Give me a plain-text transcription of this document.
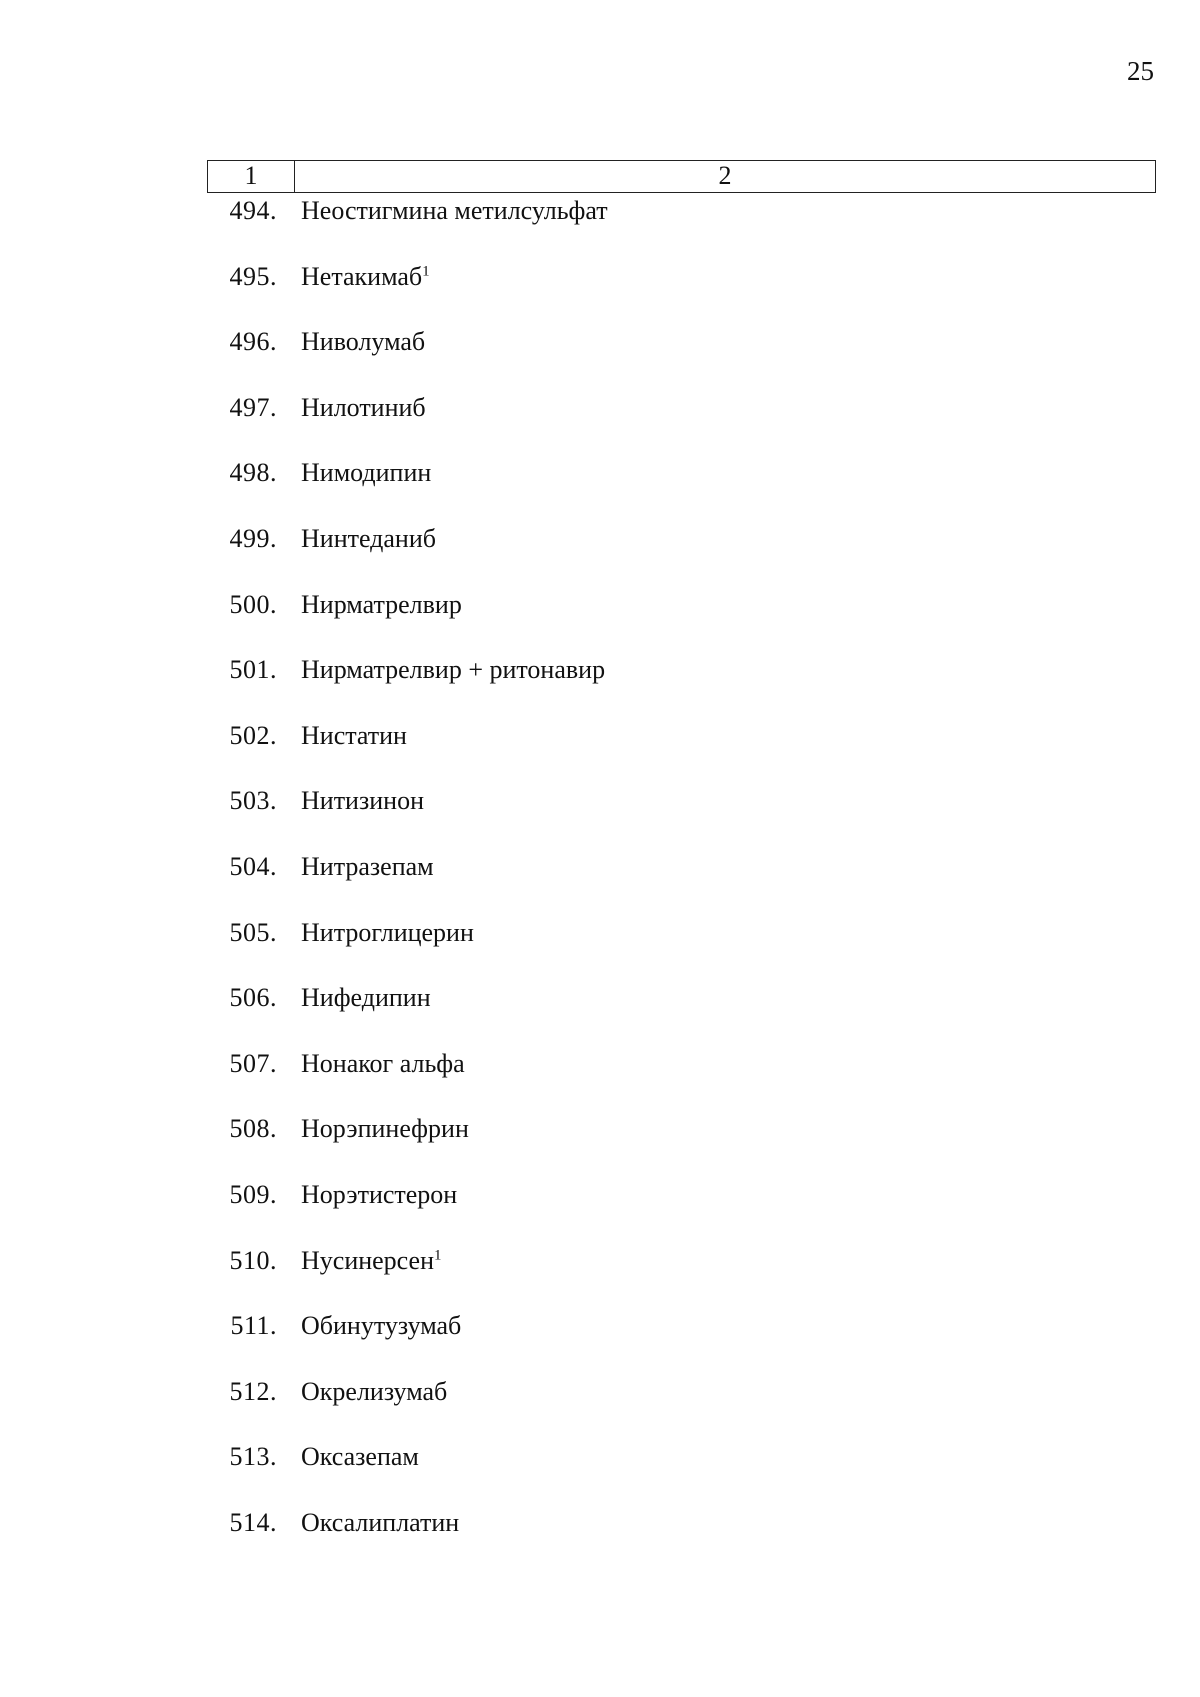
25
1	2
494. Неостигмина метилсульфат
495. Нетакимаб$^1$
496. Ниволумаб
497. Нилотиниб
498. Нимодипин
499. Нинтеданиб
500. Нирматрелвир
501. Нирматрелвир + ритонавир
502. Нистатин
503. Нитизинон
504. Нитразепам
505. Нитроглицерин
506. Нифедипин
507. Нонаког альфа
508. Норэпинефрин
509. Норэтистерон
510. Нусинерсен$^1$
511. Обинутузумаб
512. Окрелизумаб
513. Оксазепам
514. Оксалиплатин
